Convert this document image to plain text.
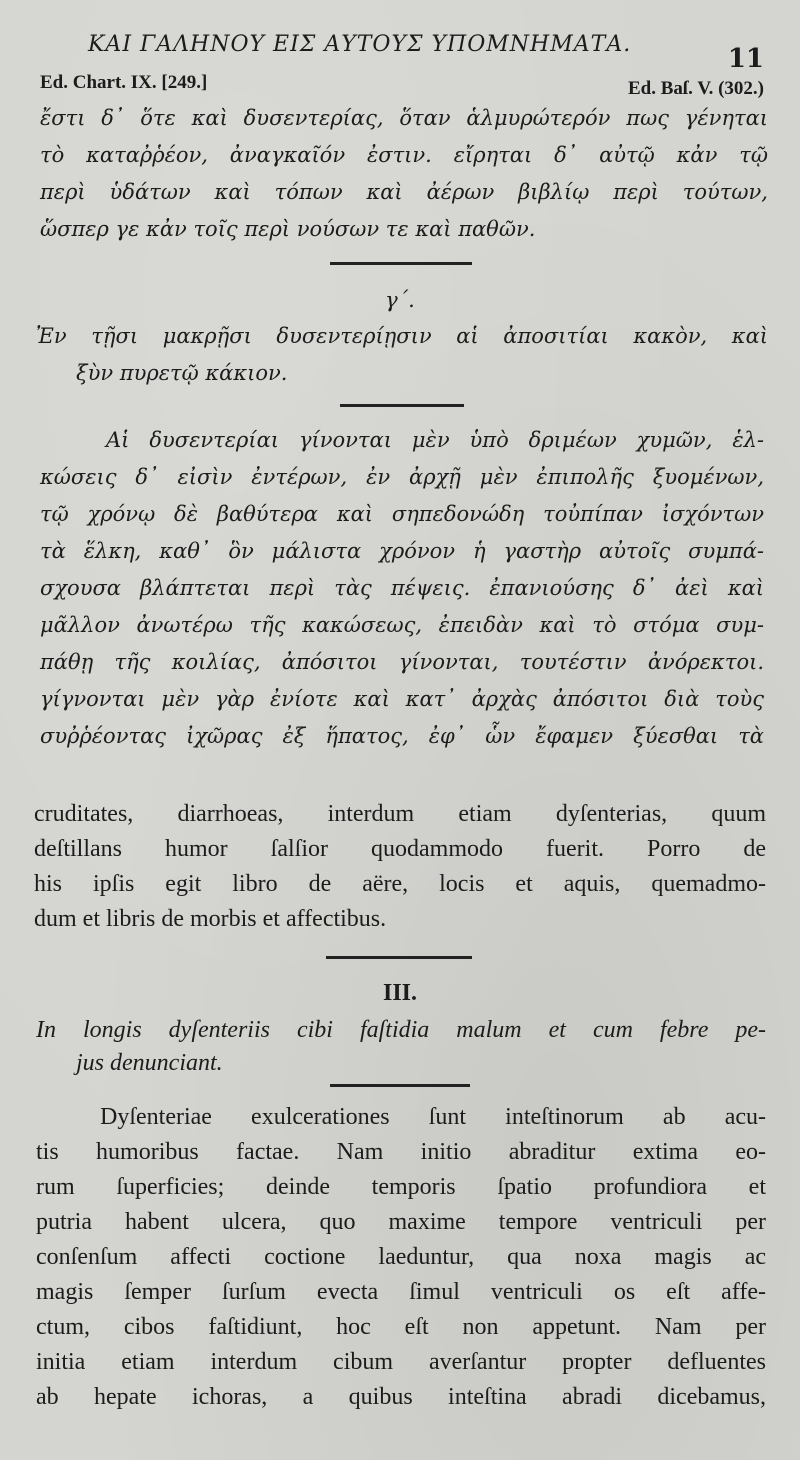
ΚΑΙ ΓΑΛΗΝΟΥ ΕΙΣ ΑΥΤΟΥΣ ΥΠΟΜΝΗΜΑΤΑ.	11
Ed. Chart. IX. [249.]	Ed. Baſ. V. (302.)
ἔστι δ᾽ ὅτε καὶ δυσεντερίας, ὅταν ἁλμυρώτερόν πως γένηται
τὸ καταῤῥέον, ἀναγκαῖόν ἐστιν. εἴρηται δ᾽ αὐτῷ κἀν τῷ
περὶ ὑδάτων καὶ τόπων καὶ ἀέρων βιβλίῳ περὶ τούτων,
ὥσπερ γε κἀν τοῖς περὶ νούσων τε καὶ παθῶν.
γ΄.
Ἐν τῇσι μακρῇσι δυσεντερίῃσιν αἱ ἀποσιτίαι κακὸν, καὶ
ξὺν πυρετῷ κάκιον.
Αἱ δυσεντερίαι γίνονται μὲν ὑπὸ δριμέων χυμῶν, ἑλ-
κώσεις δ᾽ εἰσὶν ἐντέρων, ἐν ἀρχῇ μὲν ἐπιπολῆς ξυομένων,
τῷ χρόνῳ δὲ βαθύτερα καὶ σηπεδονώδη τοὐπίπαν ἰσχόντων
τὰ ἕλκη, καθ᾽ ὃν μάλιστα χρόνον ἡ γαστὴρ αὐτοῖς συμπά-
σχουσα βλάπτεται περὶ τὰς πέψεις. ἐπανιούσης δ᾽ ἀεὶ καὶ
μᾶλλον ἀνωτέρω τῆς κακώσεως, ἐπειδὰν καὶ τὸ στόμα συμ-
πάθῃ τῆς κοιλίας, ἀπόσιτοι γίνονται, τουτέστιν ἀνόρεκτοι.
γίγνονται μὲν γὰρ ἐνίοτε καὶ κατ᾽ ἀρχὰς ἀπόσιτοι διὰ τοὺς
συῤῥέοντας ἰχῶρας ἐξ ἥπατος, ἐφ᾽ ὧν ἔφαμεν ξύεσθαι τὰ
cruditates, diarrhoeas, interdum etiam dyſenterias, quum
deſtillans humor ſalſior quodammodo fuerit. Porro de
his ipſis egit libro de aëre, locis et aquis, quemadmo-
dum et libris de morbis et affectibus.
III.
In longis dyſenteriis cibi faſtidia malum et cum febre pe-
jus denunciant.
Dyſenteriae exulcerationes ſunt inteſtinorum ab acu-
tis humoribus factae. Nam initio abraditur extima eo-
rum ſuperficies; deinde temporis ſpatio profundiora et
putria habent ulcera, quo maxime tempore ventriculi per
conſenſum affecti coctione laeduntur, qua noxa magis ac
magis ſemper ſurſum evecta ſimul ventriculi os eſt affe-
ctum, cibos faſtidiunt, hoc eſt non appetunt. Nam per
initia etiam interdum cibum averſantur propter defluentes
ab hepate ichoras, a quibus inteſtina abradi dicebamus,
